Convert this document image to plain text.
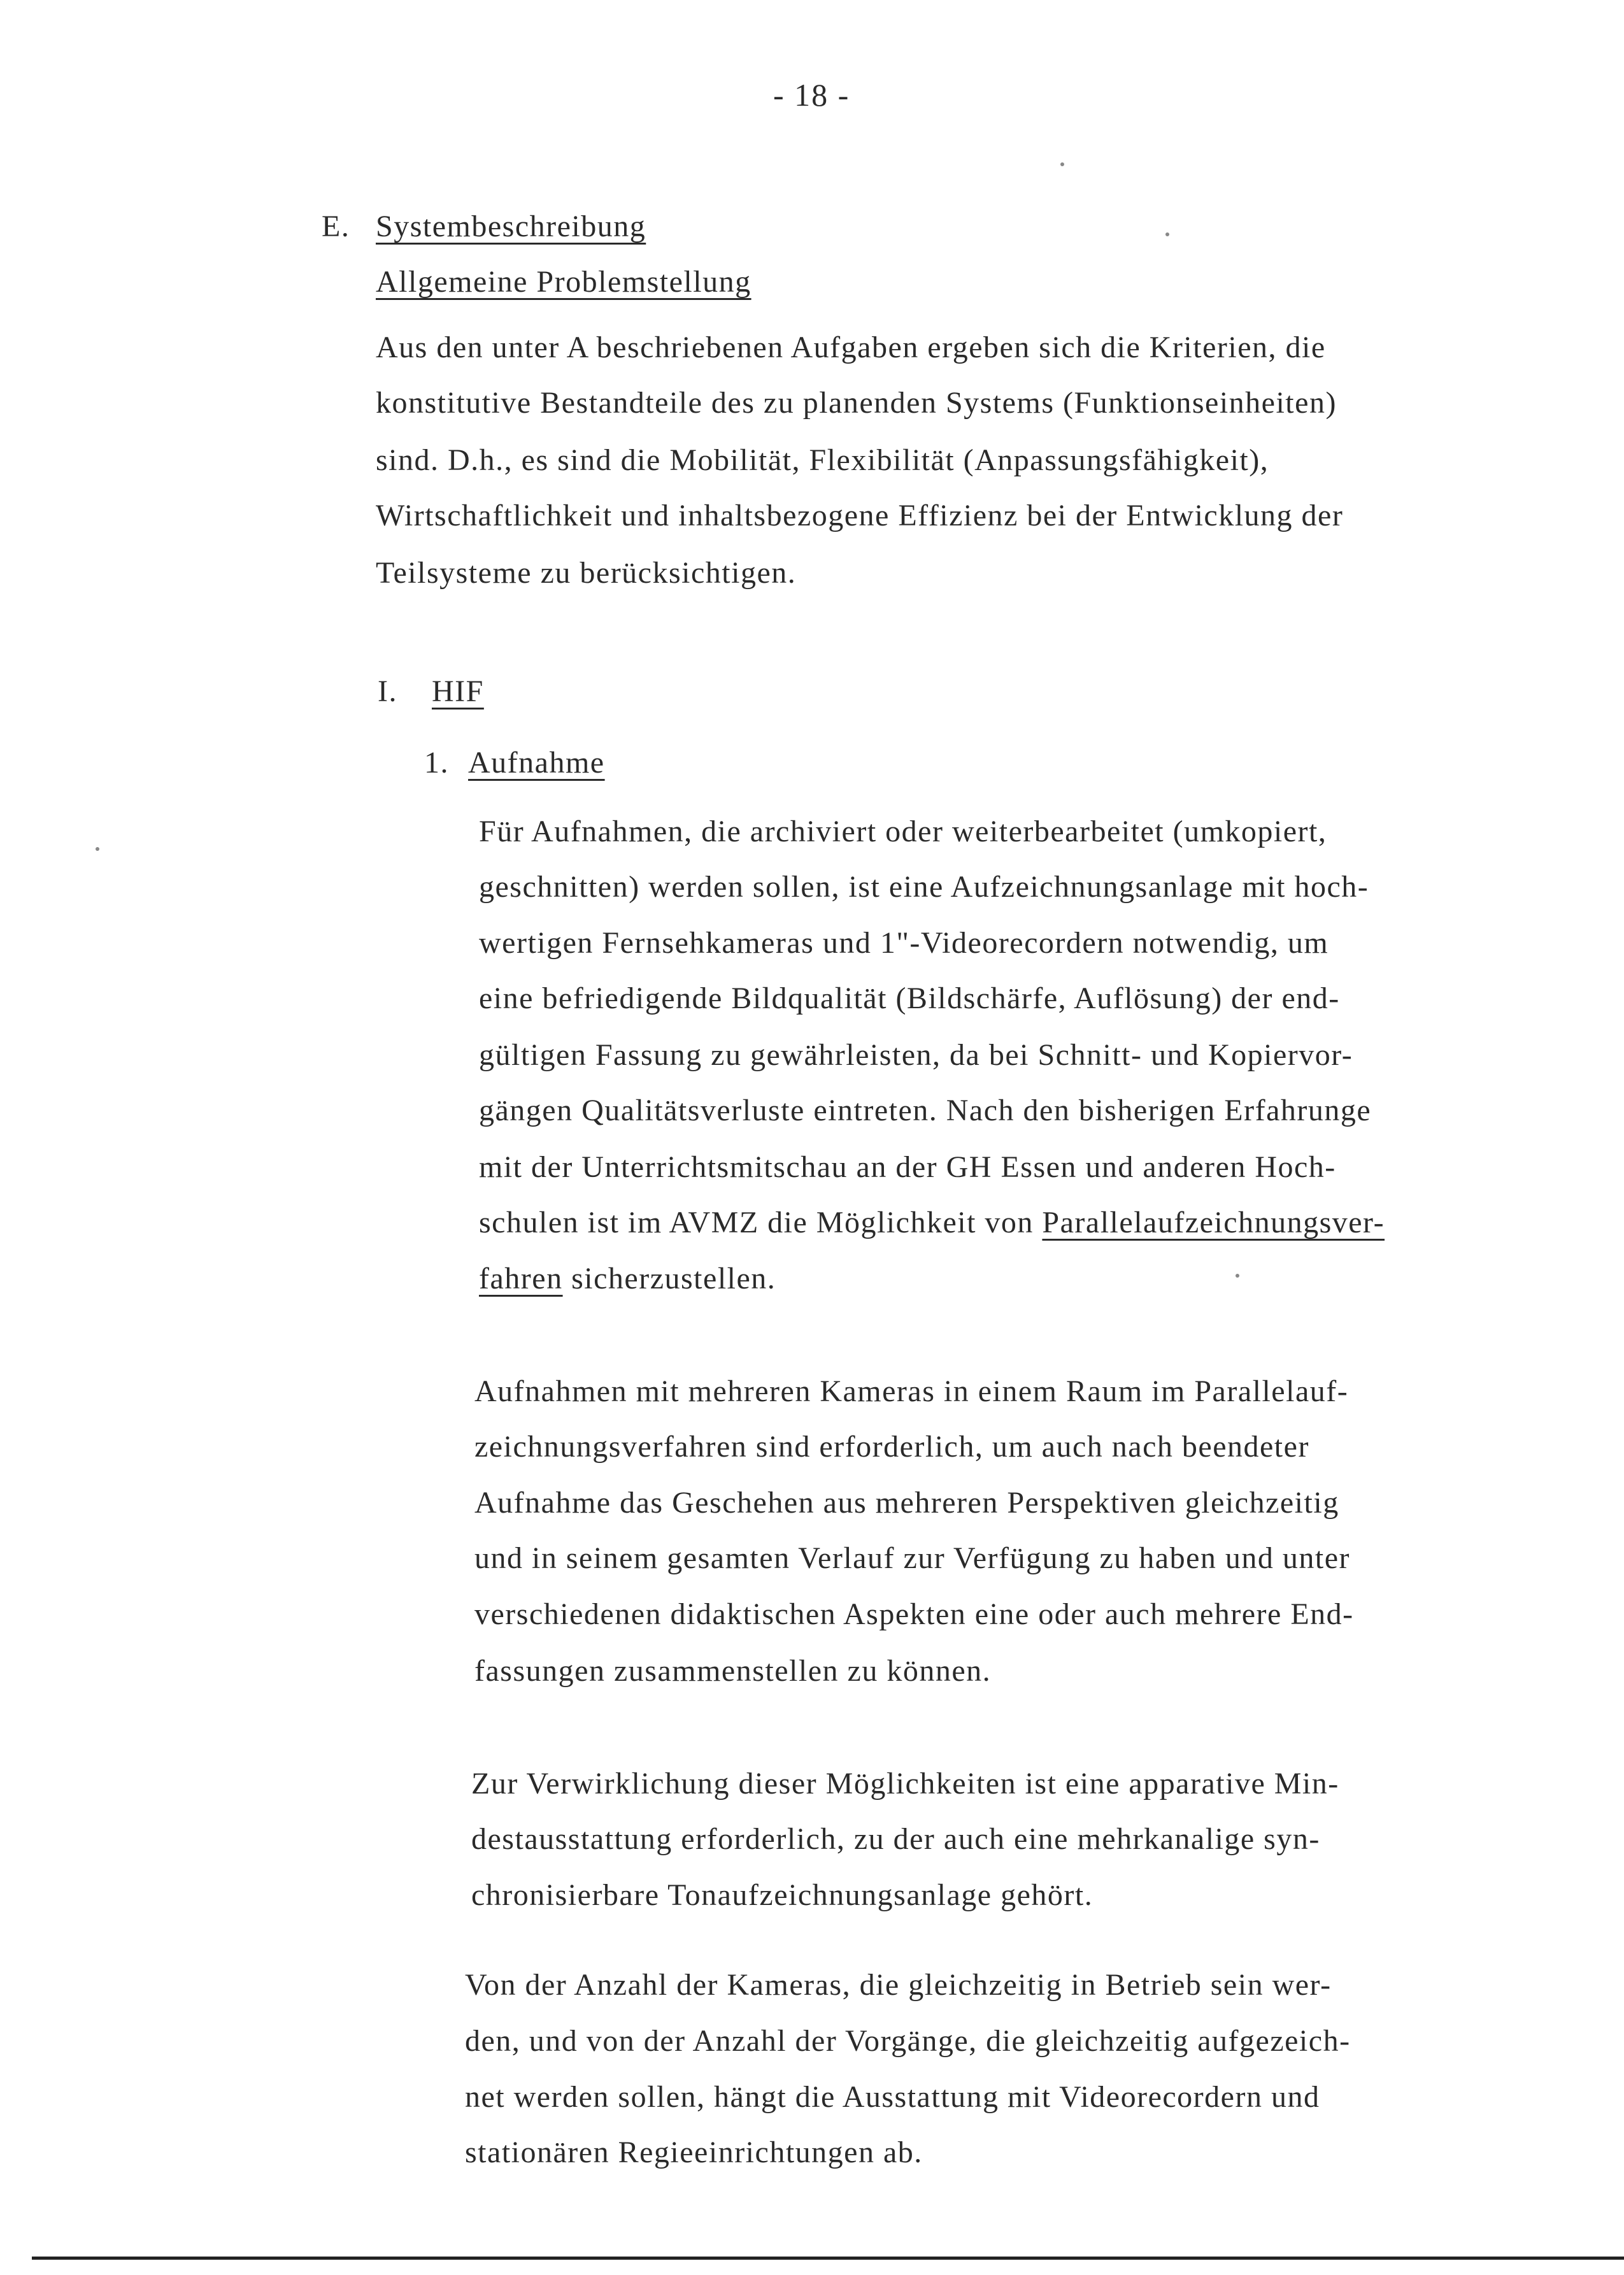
- 18 -
E. Systembeschreibung
Allgemeine Problemstellung
Aus den unter A beschriebenen Aufgaben ergeben sich die Kriterien, die
konstitutive Bestandteile des zu planenden Systems (Funktionseinheiten)
sind. D.h., es sind die Mobilität, Flexibilität (Anpassungsfähigkeit),
Wirtschaftlichkeit und inhaltsbezogene Effizienz bei der Entwicklung der
Teilsysteme zu berücksichtigen.
I. HIF
1. Aufnahme
Für Aufnahmen, die archiviert oder weiterbearbeitet (umkopiert,
geschnitten) werden sollen, ist eine Aufzeichnungsanlage mit hoch-
wertigen Fernsehkameras und 1"-Videorecordern notwendig, um
eine befriedigende Bildqualität (Bildschärfe, Auflösung) der end-
gültigen Fassung zu gewährleisten, da bei Schnitt- und Kopiervor-
gängen Qualitätsverluste eintreten. Nach den bisherigen Erfahrunge
mit der Unterrichtsmitschau an der GH Essen und anderen Hoch-
schulen ist im AVMZ die Möglichkeit von Parallelaufzeichnungsver-
fahren sicherzustellen.
Aufnahmen mit mehreren Kameras in einem Raum im Parallelauf-
zeichnungsverfahren sind erforderlich, um auch nach beendeter
Aufnahme das Geschehen aus mehreren Perspektiven gleichzeitig
und in seinem gesamten Verlauf zur Verfügung zu haben und unter
verschiedenen didaktischen Aspekten eine oder auch mehrere End-
fassungen zusammenstellen zu können.
Zur Verwirklichung dieser Möglichkeiten ist eine apparative Min-
destausstattung erforderlich, zu der auch eine mehrkanalige syn-
chronisierbare Tonaufzeichnungsanlage gehört.
Von der Anzahl der Kameras, die gleichzeitig in Betrieb sein wer-
den, und von der Anzahl der Vorgänge, die gleichzeitig aufgezeich-
net werden sollen, hängt die Ausstattung mit Videorecordern und
stationären Regieeinrichtungen ab.
